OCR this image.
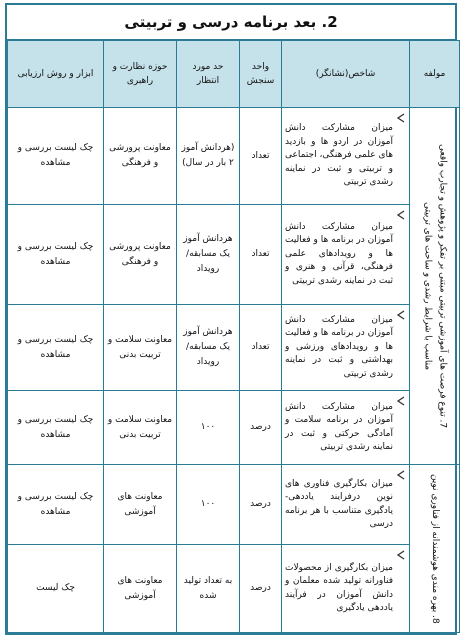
2. بعد برنامه درسی و تربیتی
مولفه	شاخص(نشانگر)	واحد سنجش	حد مورد انتظار	حوزه نظارت و راهبری	ابزار و روش ارزیابی

7. تنوع فرصت های آموزشی تربیتی مبتنی بر تفکر و پژوهش و تجارب واقعی مناسب با شرایط رشدی و ساحت های تربیتی	میزان مشارکت دانش آموزان در اردو ها و بازدید های علمی فرهنگی، اجتماعی و تربیتی و ثبت در نماینه رشدی تربیتی	تعداد	(هردانش آموز ۲ بار در سال)	معاونت پرورشی و فرهنگی	چک لیست بررسی و مشاهده

میزان مشارکت دانش آموزان در برنامه ها و فعالیت ها و رویدادهای علمی فرهنگی، قرآنی و هنری و ثبت در نماینه رشدی تربیتی	تعداد	هردانش آموز یک مسابقه/ رویداد	معاونت پرورشی و فرهنگی	چک لیست بررسی و مشاهده

میزان مشارکت دانش آموزان در برنامه ها و فعالیت ها و رویدادهای ورزشی و بهداشتی و ثبت در نماینه رشدی تربیتی	تعداد	هردانش آموز یک مسابقه/ رویداد	معاونت سلامت و تربیت بدنی	چک لیست بررسی و مشاهده

میزان مشارکت دانش آموزان در برنامه سلامت و آمادگی حرکتی و ثبت در نماینه رشدی تربیتی	درصد	۱۰۰	معاونت سلامت و تربیت بدنی	چک لیست بررسی و مشاهده

8. بهره مندی هوشمندانه از فناوری نوین	میزان بکارگیری فناوری های نوین درفرایند یاددهی-یادگیری متناسب با هر برنامه درسی	درصد	۱۰۰	معاونت های آموزشی	چک لیست بررسی و مشاهده

میزان بکارگیری از محصولات فناورانه تولید شده معلمان و دانش آموزان در فرآیند یاددهی یادگیری	درصد	به تعداد تولید شده	معاونت های آموزشی	چک لیست
